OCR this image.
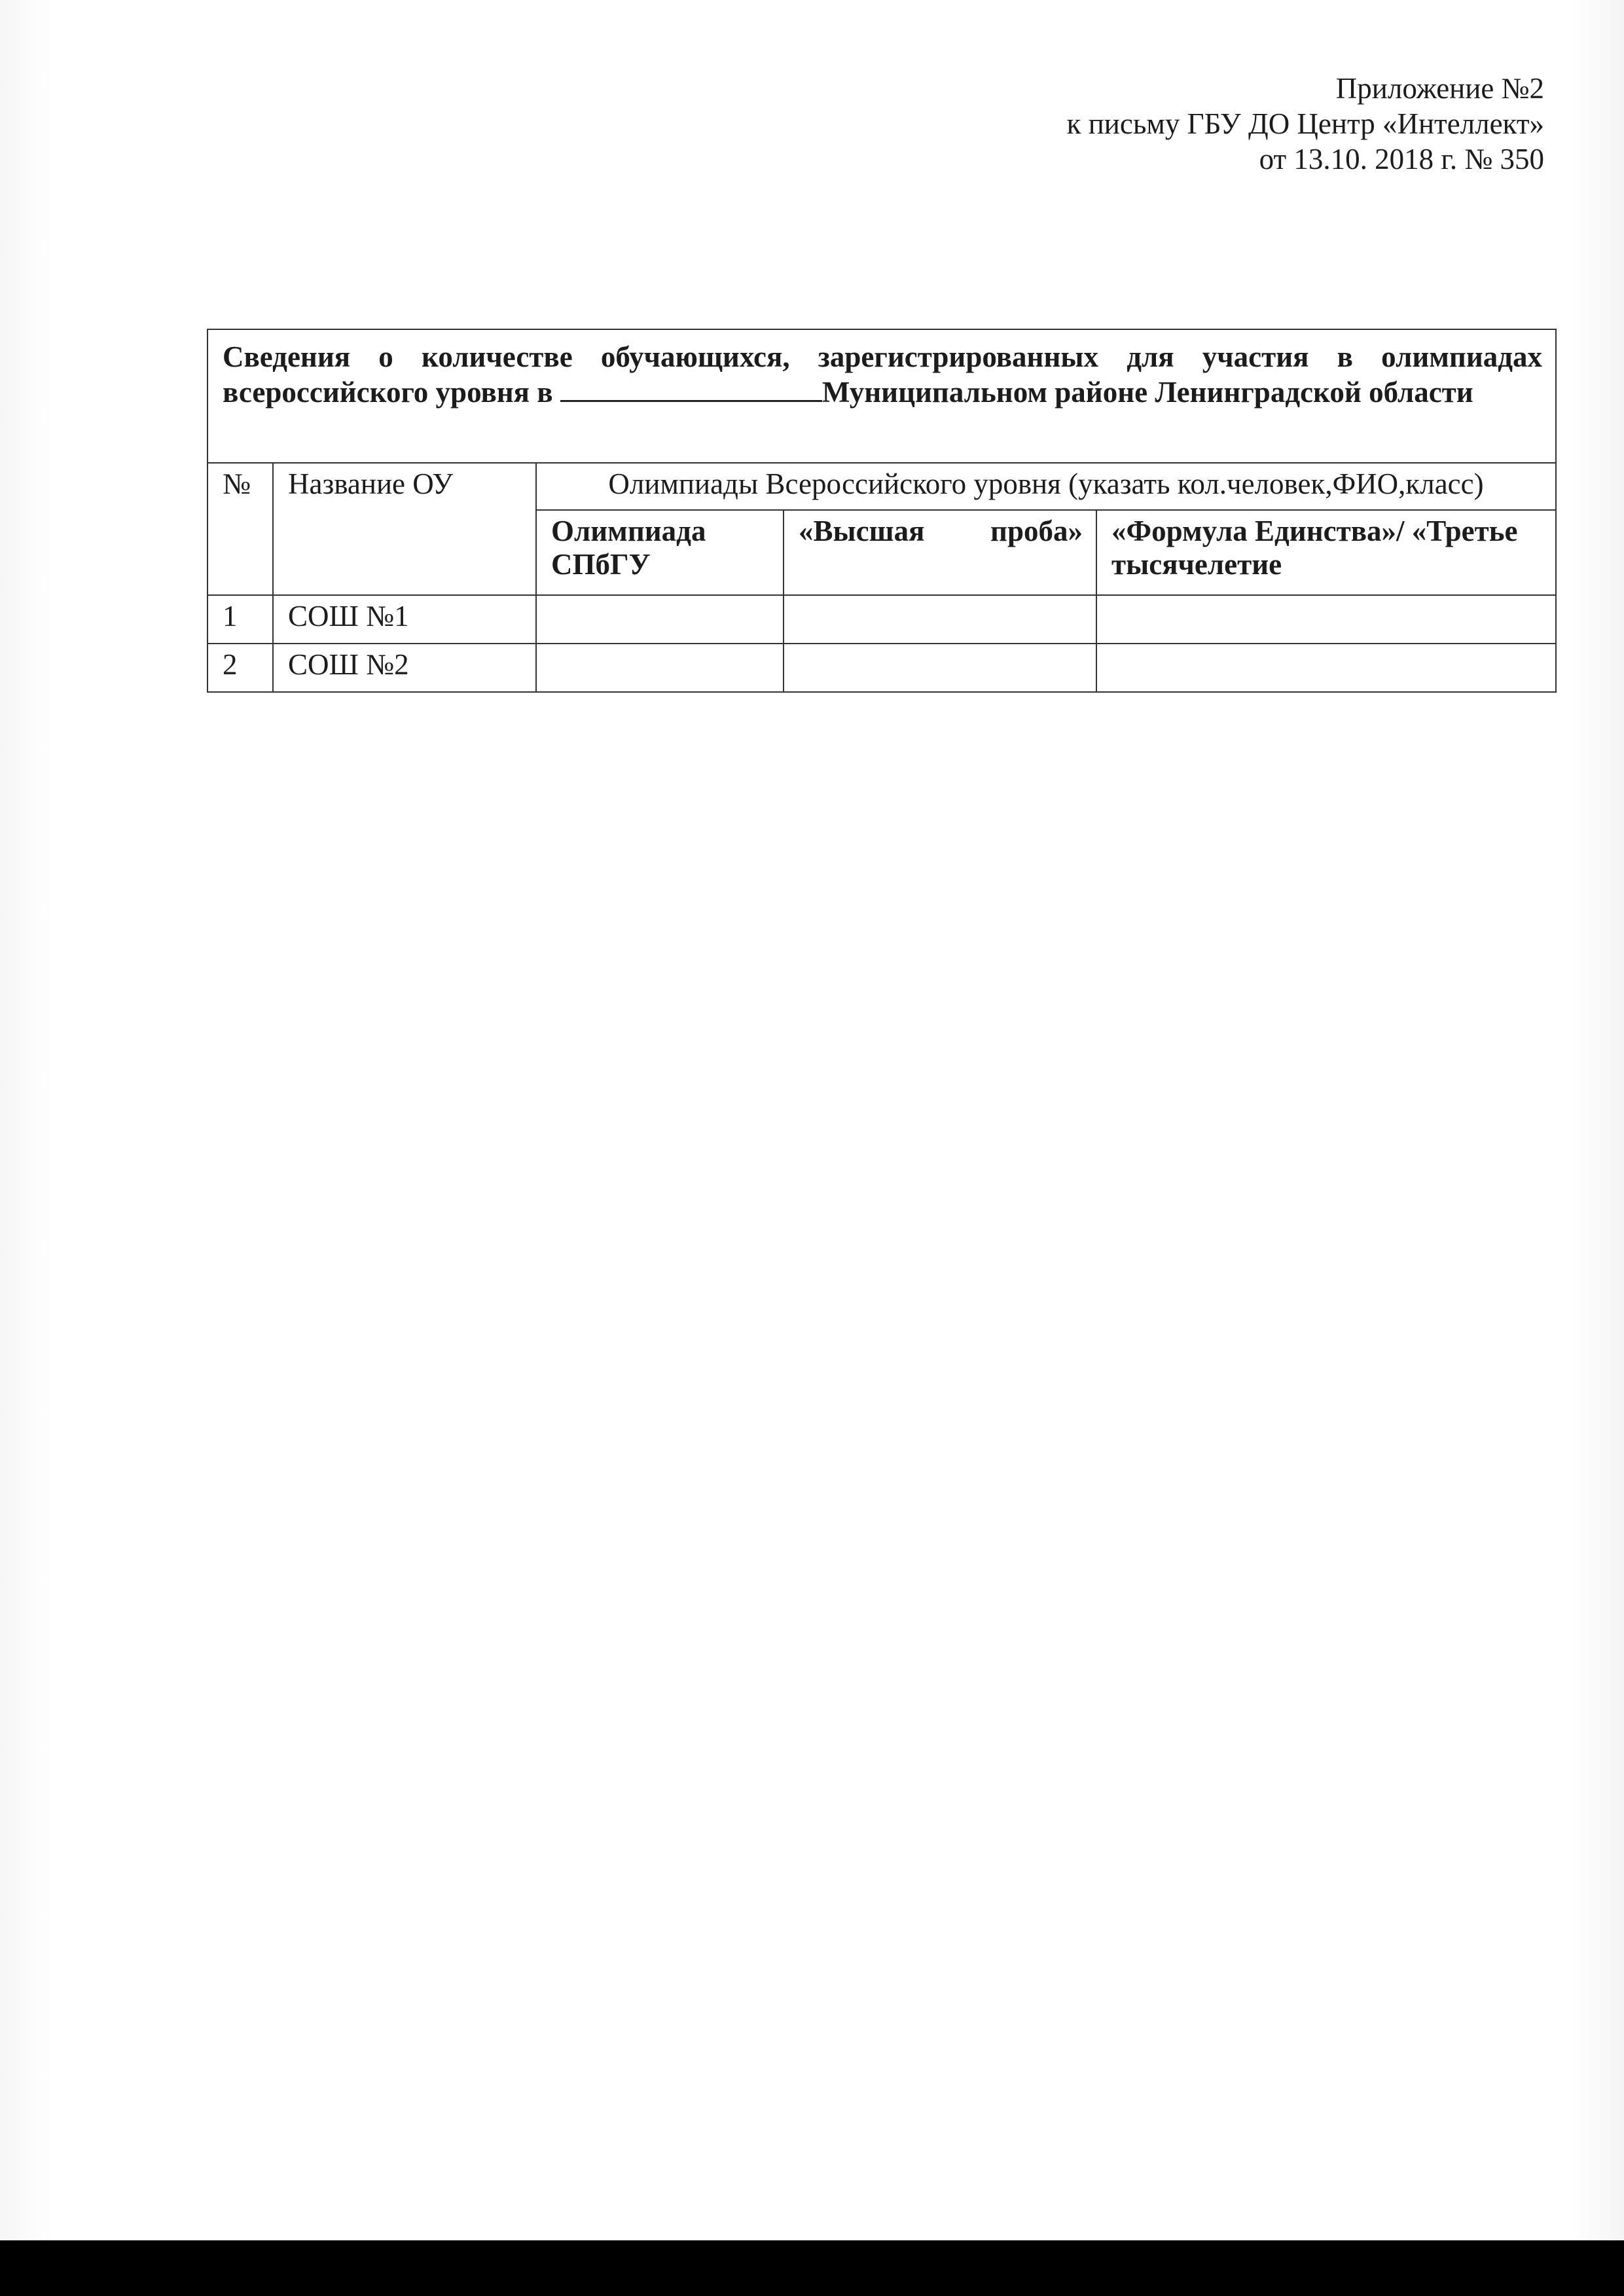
Приложение №2
к письму ГБУ ДО Центр «Интеллект»
от 13.10. 2018 г. № 350
Сведения о количестве обучающихся, зарегистрированных для участия в олимпиадах всероссийского уровня в Муниципальном районе Ленинградской области				
№	Название ОУ	Олимпиады Всероссийского уровня (указать кол.человек,ФИО,класс)		
		Олимпиада СПбГУ	«Высшая проба»	«Формула Единства»/ «Третье тысячелетие
1	СОШ №1			
2	СОШ №2			
